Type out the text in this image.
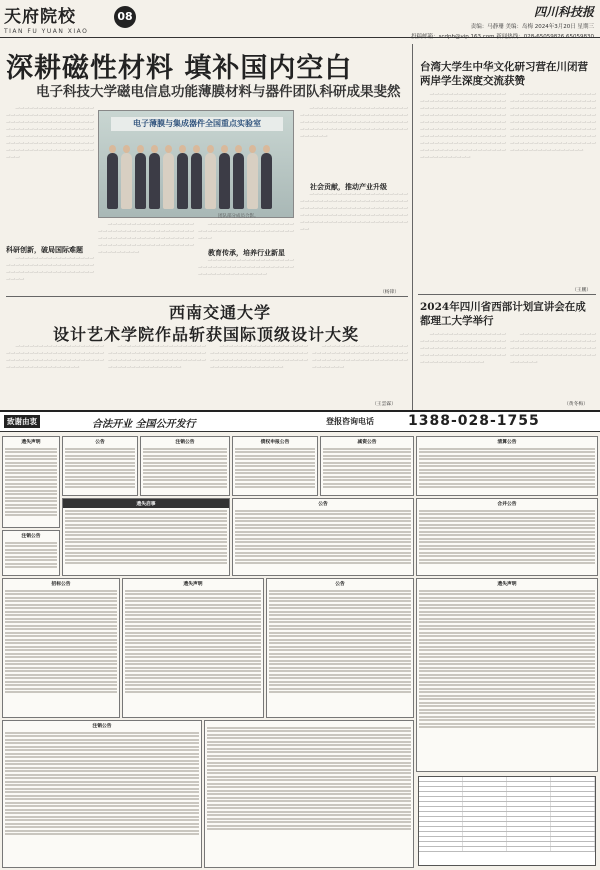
天府院校
TIAN FU YUAN XIAO
08	四川科技报
责编：马静珊 美编：岛梅 2024年3月20日 星期三
投稿邮箱：scdpb@vip.163.com 新闻热线：028-65059826 65059830
深耕磁性材料 填补国内空白
电子科技大学磁电信息功能薄膜材料与器件团队科研成果斐然

　　一一一一一一一一一一一一一一一一一一一一一一一一一一一一一一一一一一一一一一一一一一一一一一一一一一一一一一一一一一一一一一一一一一一一一一一一一一一一一一一一一一一一一一一一一一一一一一一一一一一一一一一一一一一一一一一一一一一一一一一一一一一一一一一一一一一一一一

科研创新，破局国际难题

　　一一一一一一一一一一一一一一一一一一一一一一一一一一一一一一一一一一一一一一一一一一一一一一一一一一一一一一一一一一一

电子薄膜与集成器件全国重点实验室
团队部分成员合影。

　　一一一一一一一一一一一一一一一一一一一一一一一一一一一一一一一一一一一一一一一一一一一一一一一一一一一一一一一一一一一一一一一一一一一一一一一一一一一一一一一一一一一一一一一

　　一一一一一一一一一一一一一一一一一一一一一一一一一一一一一一一一一一一一一一一一一

教育传承，培养行业新星

　　一一一一一一一一一一一一一一一一一一一一一一一一一一一一一一一一一一一一一一一一一一一一一一一一一一一一一

　　一一一一一一一一一一一一一一一一一一一一一一一一一一一一一一一一一一一一一一一一一一一一一一一一一一一一一一一一一一一一一一一一一一一一一一一一一一一一一一一一一一一一一一一一一一一一一一一一

社会贡献，推动产业升级

　　一一一一一一一一一一一一一一一一一一一一一一一一一一一一一一一一一一一一一一一一一一一一一一一一一一一一一一一一一一一一一一一一一一一一一一一一一一一一一一一一一一一一一一一一一一一一一一一一一一一一一一一一一一一一一一一一一一一

（杨锋）
西南交通大学
设计艺术学院作品斩获国际顶级设计大奖

　　一一一一一一一一一一一一一一一一一一一一一一一一一一一一一一一一一一一一一一一一一一一一一一一一一一一一一一一一一一一一一一一一一一一一一一一一一一一一一

　　一一一一一一一一一一一一一一一一一一一一一一一一一一一一一一一一一一一一一一一一一一一一一一一一一一一一一一一一一一一一一一一一一一一一一一一一一一一一一

　　一一一一一一一一一一一一一一一一一一一一一一一一一一一一一一一一一一一一一一一一一一一一一一一一一一一一一一一一一一一一一一一一一一一一一一一一一一一一一

　　一一一一一一一一一一一一一一一一一一一一一一一一一一一一一一一一一一一一一一一一一一一一一一一一一一一一一一一一一一一一一一一一一

（王雲霖）
台湾大学生中华文化研习营在川闭营 两岸学生深度交流获赞

　　一一一一一一一一一一一一一一一一一一一一一一一一一一一一一一一一一一一一一一一一一一一一一一一一一一一一一一一一一一一一一一一一一一一一一一一一一一一一一一一一一一一一一一一一一一一一一一一一一一一一一一一一一一一一一一一一一一一一一一一一一一一一一一一一一一一一一一一一一一一一一一一一一一一一一一一一一一一一一一一一一一一一一一一一一一一

　　一一一一一一一一一一一一一一一一一一一一一一一一一一一一一一一一一一一一一一一一一一一一一一一一一一一一一一一一一一一一一一一一一一一一一一一一一一一一一一一一一一一一一一一一一一一一一一一一一一一一一一一一一一一一一一一一一一一一一一一一一一一一一一一一一一一一一一一一一一一一一一一一一一一一一一一一一一一一一一

（王鹏）
2024年四川省西部计划宣讲会在成都理工大学举行

　　一一一一一一一一一一一一一一一一一一一一一一一一一一一一一一一一一一一一一一一一一一一一一一一一一一一一一一一一一一一一一一一一一一一一一一一一一一一一一一一一一一一一

　　一一一一一一一一一一一一一一一一一一一一一一一一一一一一一一一一一一一一一一一一一一一一一一一一一一一一一一一一一一一一一一一一一一一一一一一一一一一一

（黄冬梅）
致谢由衷	合法开业 全国公开发行	登报咨询电话 1388-028-1755
遗失声明	公告	注销公告	债权申报公告	减资公告	清算公告
遗失启事	公告	合并公告
注销公告
招标公告	遗失声明	公告	遗失声明
注销公告
